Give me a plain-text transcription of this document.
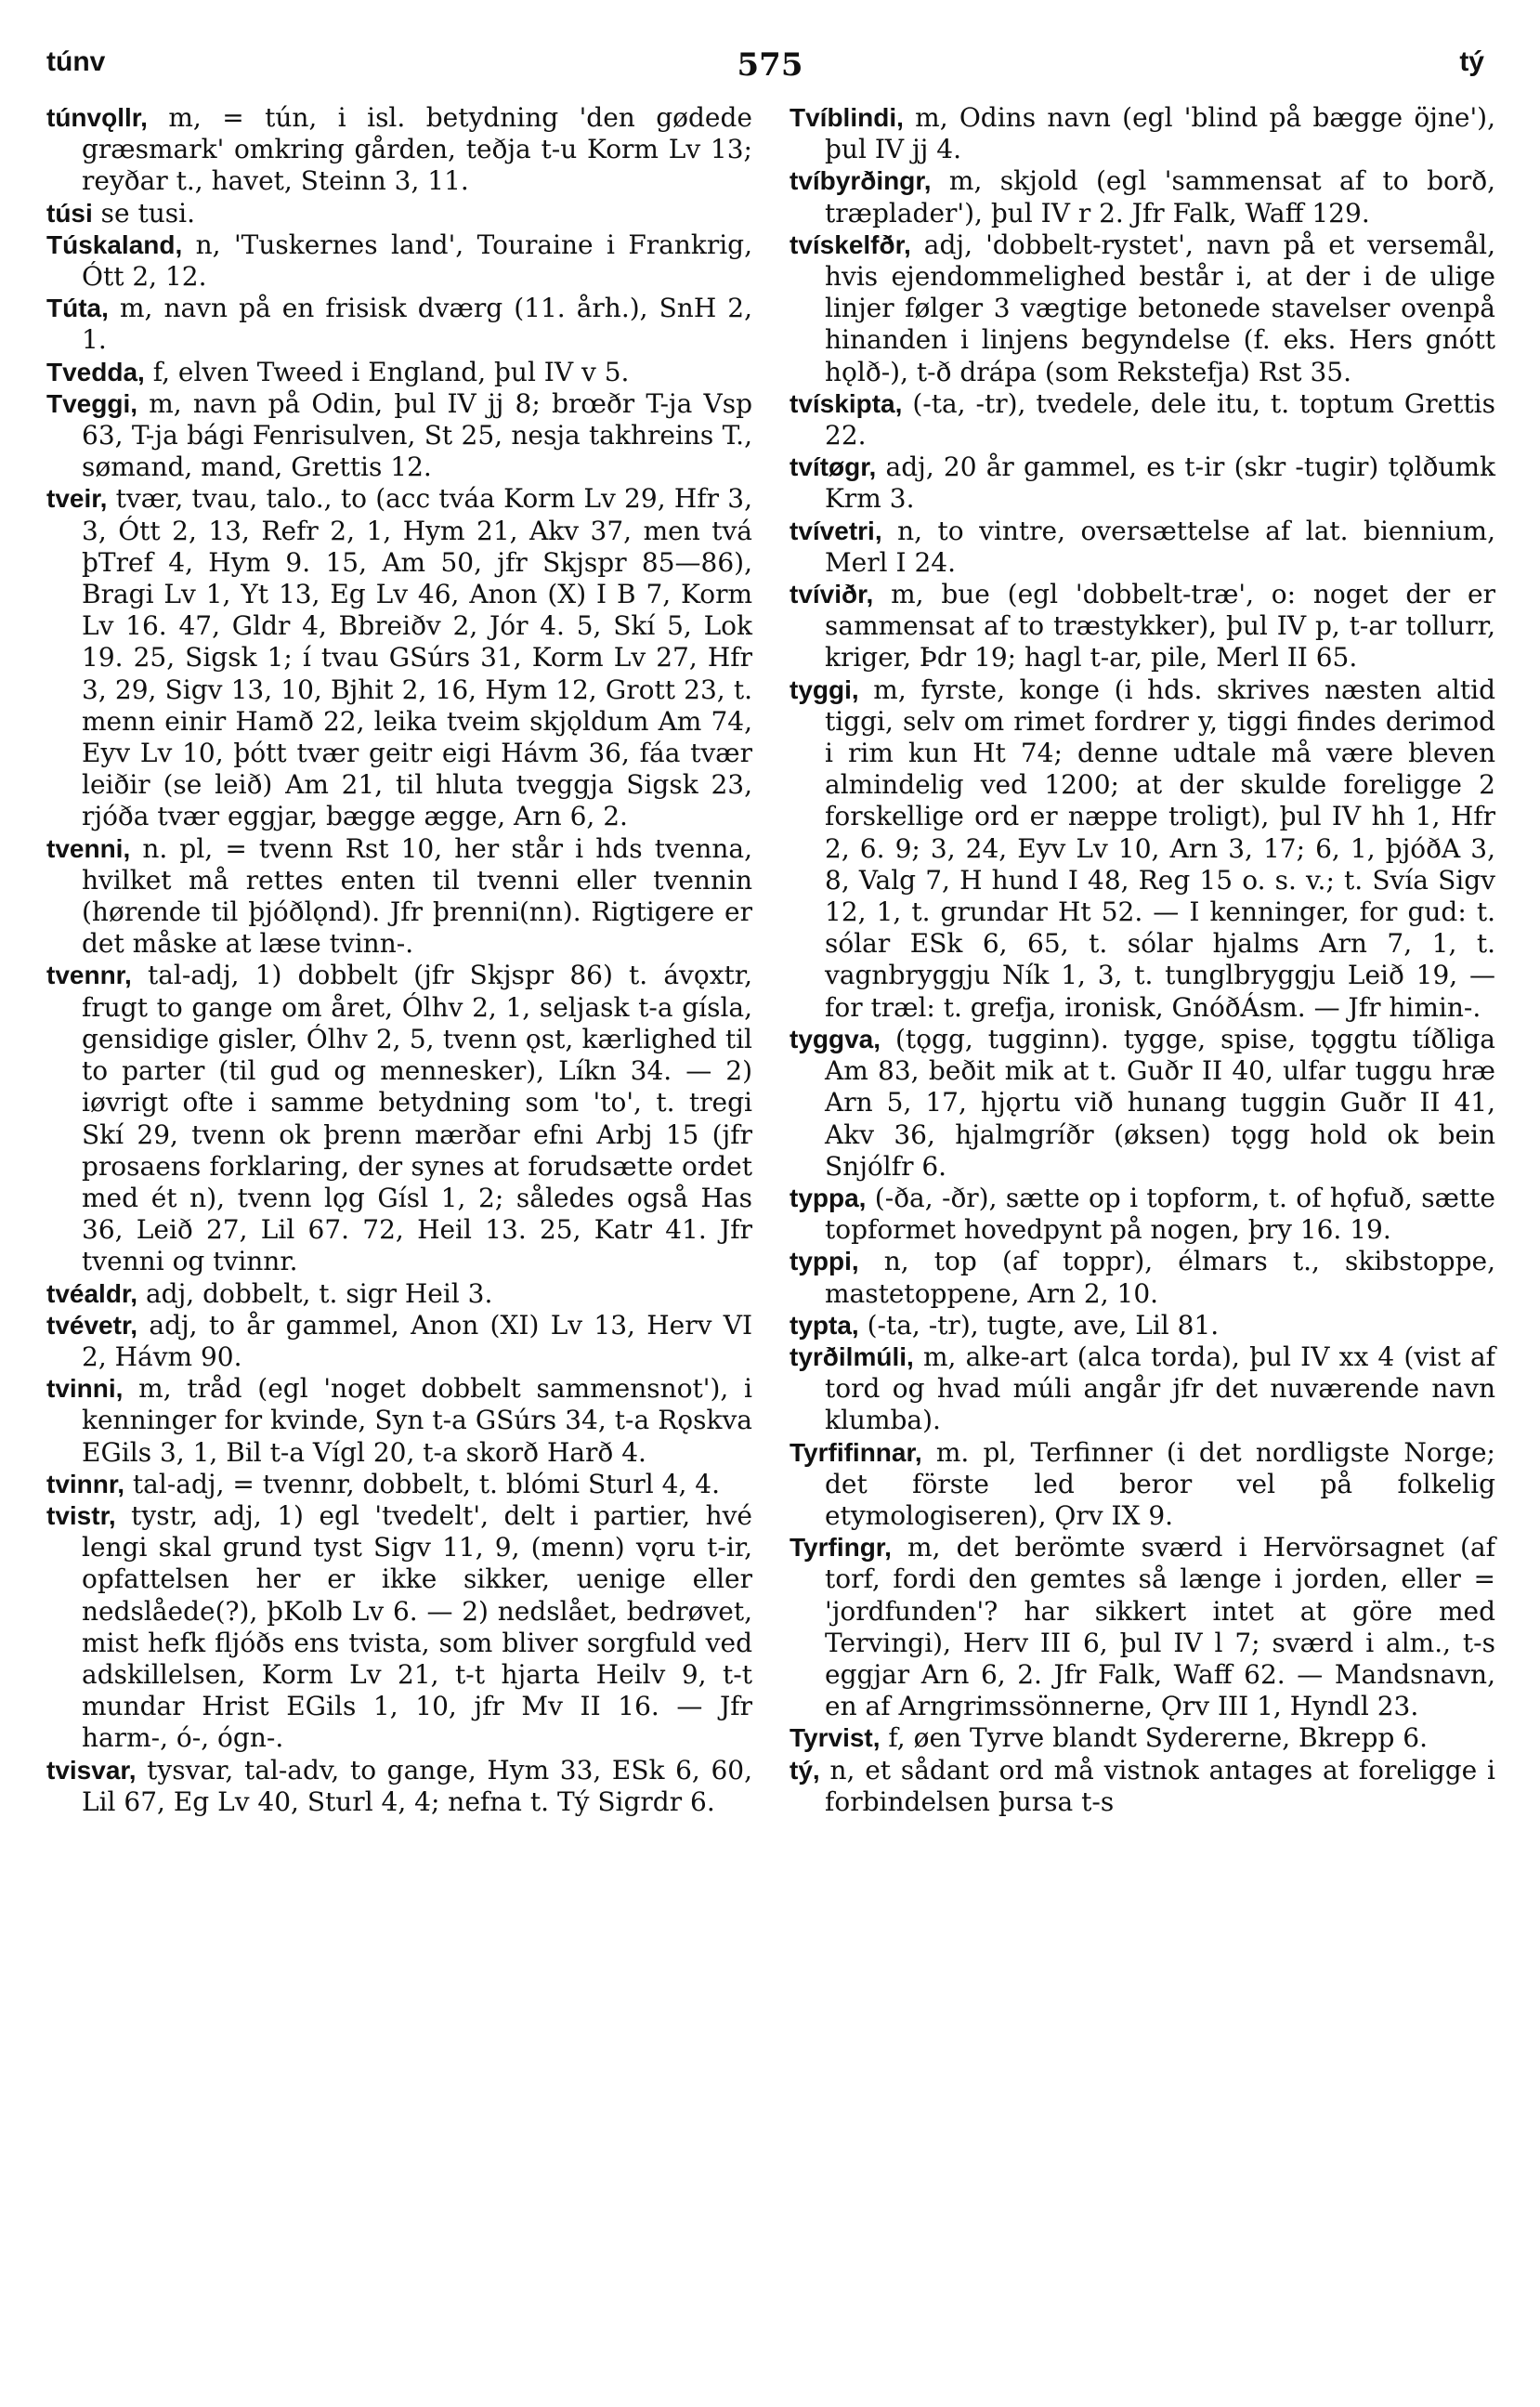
túnv	575	tý

túnvǫllr, m, = tún, i isl. betydning 'den gødede græsmark' omkring gården, teðja t-u Korm Lv 13; reyðar t., havet, Steinn 3, 11.

túsi se tusi.

Túskaland, n, 'Tuskernes land', Touraine i Frankrig, Ótt 2, 12.

Túta, m, navn på en frisisk dværg (11. årh.), SnH 2, 1.

Tvedda, f, elven Tweed i England, þul IV v 5.

Tveggi, m, navn på Odin, þul IV jj 8; brœðr T-ja Vsp 63, T-ja bági Fenrisulven, St 25, nesja takhreins T., sømand, mand, Grettis 12.

tveir, tvær, tvau, talo., to (acc tváa Korm Lv 29, Hfr 3, 3, Ótt 2, 13, Refr 2, 1, Hym 21, Akv 37, men tvá þTref 4, Hym 9. 15, Am 50, jfr Skjspr 85—86), Bragi Lv 1, Yt 13, Eg Lv 46, Anon (X) I B 7, Korm Lv 16. 47, Gldr 4, Bbreiðv 2, Jór 4. 5, Skí 5, Lok 19. 25, Sigsk 1; í tvau GSúrs 31, Korm Lv 27, Hfr 3, 29, Sigv 13, 10, Bjhit 2, 16, Hym 12, Grott 23, t. menn einir Hamð 22, leika tveim skjǫldum Am 74, Eyv Lv 10, þótt tvær geitr eigi Hávm 36, fáa tvær leiðir (se leið) Am 21, til hluta tveggja Sigsk 23, rjóða tvær eggjar, bægge ægge, Arn 6, 2.

tvenni, n. pl, = tvenn Rst 10, her står i hds tvenna, hvilket må rettes enten til tvenni eller tvennin (hørende til þjóðlǫnd). Jfr þrenni(nn). Rigtigere er det måske at læse tvinn-.

tvennr, tal-adj, 1) dobbelt (jfr Skjspr 86) t. ávǫxtr, frugt to gange om året, Ólhv 2, 1, seljask t-a gísla, gensidige gisler, Ólhv 2, 5, tvenn ǫst, kærlighed til to parter (til gud og mennesker), Líkn 34. — 2) iøvrigt ofte i samme betydning som 'to', t. tregi Skí 29, tvenn ok þrenn mærðar efni Arbj 15 (jfr prosaens forklaring, der synes at forudsætte ordet med ét n), tvenn lǫg Gísl 1, 2; således også Has 36, Leið 27, Lil 67. 72, Heil 13. 25, Katr 41. Jfr tvenni og tvinnr.

tvéaldr, adj, dobbelt, t. sigr Heil 3.

tvévetr, adj, to år gammel, Anon (XI) Lv 13, Herv VI 2, Hávm 90.

tvinni, m, tråd (egl 'noget dobbelt sammensnot'), i kenninger for kvinde, Syn t-a GSúrs 34, t-a Rǫskva EGils 3, 1, Bil t-a Vígl 20, t-a skorð Harð 4.

tvinnr, tal-adj, = tvennr, dobbelt, t. blómi Sturl 4, 4.

tvistr, tystr, adj, 1) egl 'tvedelt', delt i partier, hvé lengi skal grund tyst Sigv 11, 9, (menn) vǫru t-ir, opfattelsen her er ikke sikker, uenige eller nedslåede(?), þKolb Lv 6. — 2) nedslået, bedrøvet, mist hefk fljóðs ens tvista, som bliver sorgfuld ved adskillelsen, Korm Lv 21, t-t hjarta Heilv 9, t-t mundar Hrist EGils 1, 10, jfr Mv II 16. — Jfr harm-, ó-, ógn-.

tvisvar, tysvar, tal-adv, to gange, Hym 33, ESk 6, 60, Lil 67, Eg Lv 40, Sturl 4, 4; nefna t. Tý Sigrdr 6.

Tvíblindi, m, Odins navn (egl 'blind på bægge öjne'), þul IV jj 4.

tvíbyrðingr, m, skjold (egl 'sammensat af to borð, træplader'), þul IV r 2. Jfr Falk, Waff 129.

tvískelfðr, adj, 'dobbelt-rystet', navn på et versemål, hvis ejendommelighed består i, at der i de ulige linjer følger 3 vægtige betonede stavelser ovenpå hinanden i linjens begyndelse (f. eks. Hers gnótt hǫlð-), t-ð drápa (som Rekstefja) Rst 35.

tvískipta, (-ta, -tr), tvedele, dele itu, t. toptum Grettis 22.

tvítøgr, adj, 20 år gammel, es t-ir (skr -tugir) tǫlðumk Krm 3.

tvívetri, n, to vintre, oversættelse af lat. biennium, Merl I 24.

tvíviðr, m, bue (egl 'dobbelt-træ', o: noget der er sammensat af to træstykker), þul IV p, t-ar tollurr, kriger, Þdr 19; hagl t-ar, pile, Merl II 65.

tyggi, m, fyrste, konge (i hds. skrives næsten altid tiggi, selv om rimet fordrer y, tiggi findes derimod i rim kun Ht 74; denne udtale må være bleven almindelig ved 1200; at der skulde foreligge 2 forskellige ord er næppe troligt), þul IV hh 1, Hfr 2, 6. 9; 3, 24, Eyv Lv 10, Arn 3, 17; 6, 1, þjóðA 3, 8, Valg 7, H hund I 48, Reg 15 o. s. v.; t. Svía Sigv 12, 1, t. grundar Ht 52. — I kenninger, for gud: t. sólar ESk 6, 65, t. sólar hjalms Arn 7, 1, t. vagnbryggju Ník 1, 3, t. tunglbryggju Leið 19, — for træl: t. grefja, ironisk, GnóðÁsm. — Jfr himin-.

tyggva, (tǫgg, tugginn). tygge, spise, tǫggtu tíðliga Am 83, beðit mik at t. Guðr II 40, ulfar tuggu hræ Arn 5, 17, hjǫrtu við hunang tuggin Guðr II 41, Akv 36, hjalmgríðr (øksen) tǫgg hold ok bein Snjólfr 6.

typpa, (-ða, -ðr), sætte op i topform, t. of hǫfuð, sætte topformet hovedpynt på nogen, þry 16. 19.

typpi, n, top (af toppr), élmars t., skibstoppe, mastetoppene, Arn 2, 10.

typta, (-ta, -tr), tugte, ave, Lil 81.

tyrðilmúli, m, alke-art (alca torda), þul IV xx 4 (vist af tord og hvad múli angår jfr det nuværende navn klumba).

Tyrfifinnar, m. pl, Terfinner (i det nordligste Norge; det förste led beror vel på folkelig etymologiseren), Ǫrv IX 9.

Tyrfingr, m, det berömte sværd i Hervörsagnet (af torf, fordi den gemtes så længe i jorden, eller = 'jordfunden'? har sikkert intet at göre med Tervingi), Herv III 6, þul IV l 7; sværd i alm., t-s eggjar Arn 6, 2. Jfr Falk, Waff 62. — Mandsnavn, en af Arngrimssönnerne, Ǫrv III 1, Hyndl 23.

Tyrvist, f, øen Tyrve blandt Sydererne, Bkrepp 6.

tý, n, et sådant ord må vistnok antages at foreligge i forbindelsen þursa t-s
